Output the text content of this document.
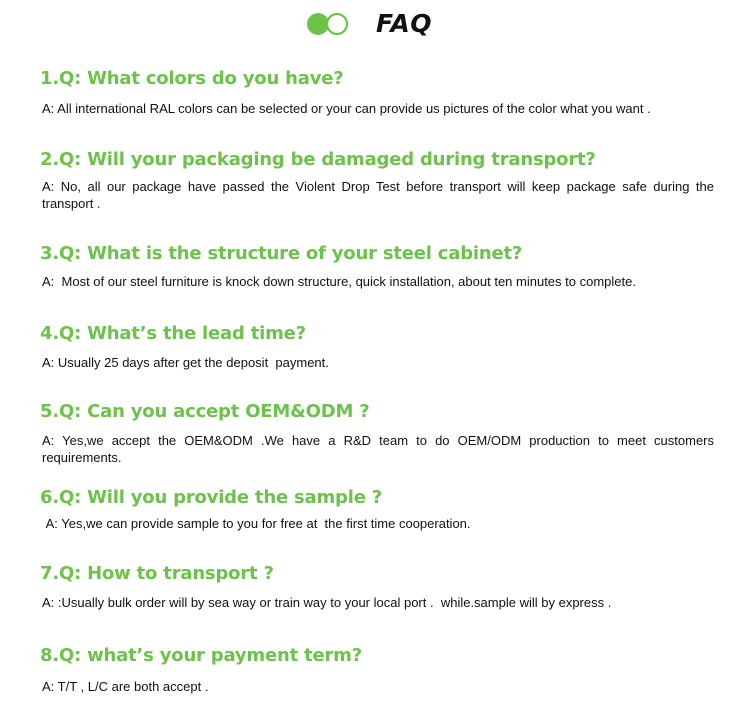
FAQ
1.Q: What colors do you have?

A: All international RAL colors can be selected or your can provide us pictures of the color what you want .

2.Q: Will your packaging be damaged during transport?

A: No, all our package have passed the Violent Drop Test before transport will keep package safe during the transport .

3.Q: What is the structure of your steel cabinet?

A:  Most of our steel furniture is knock down structure, quick installation, about ten minutes to complete.

4.Q: What’s the lead time?

A: Usually 25 days after get the deposit  payment.

5.Q: Can you accept OEM&ODM ?

A: Yes,we accept the OEM&ODM .We have a R&D team to do OEM/ODM production to meet customers requirements.

6.Q: Will you provide the sample ?

A: Yes,we can provide sample to you for free at  the first time cooperation.

7.Q: How to transport ?

A: :Usually bulk order will by sea way or train way to your local port .  while.sample will by express .

8.Q: what’s your payment term?

A: T/T , L/C are both accept .
